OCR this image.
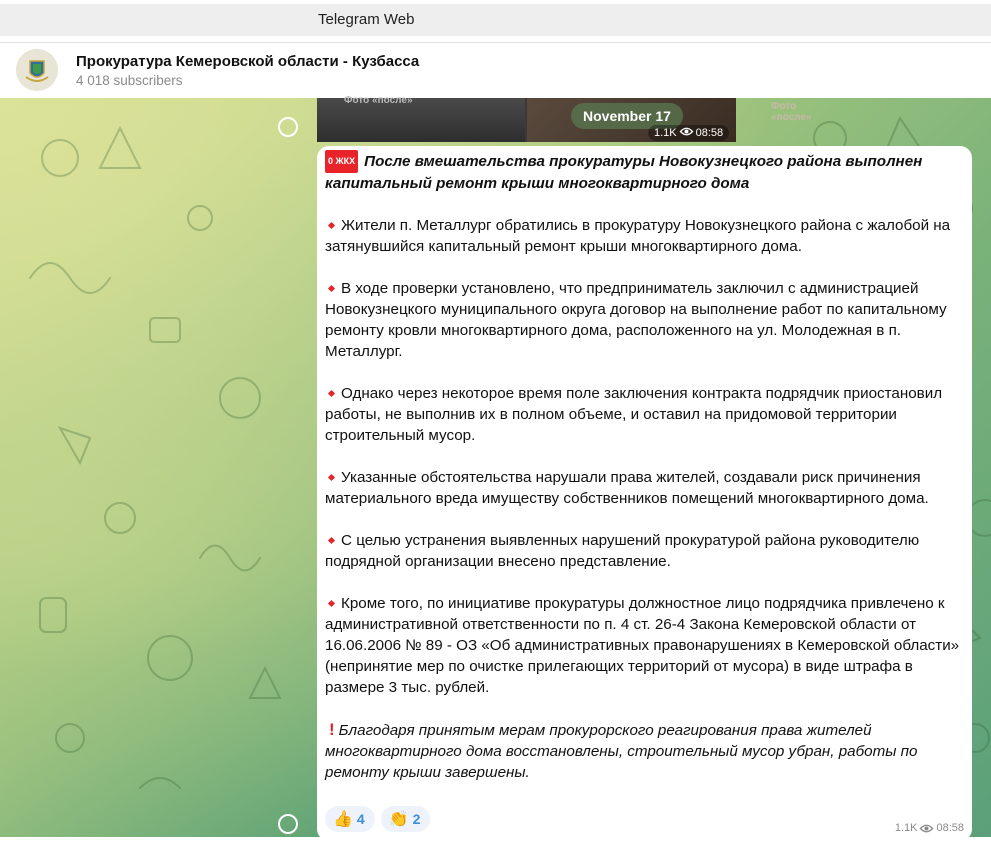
Telegram Web
Прокуратура Кемеровской области - Кузбасса
4 018 subscribers
Фото «после»
Фото «после»
November 17
1.1K 08:58

0 ЖКХ После вмешательства прокуратуры Новокузнецкого района выполнен капитальный ремонт крыши многоквартирного дома

Жители п. Металлург обратились в прокуратуру Новокузнецкого района с жалобой на затянувшийся капитальный ремонт крыши многоквартирного дома.

В ходе проверки установлено, что предприниматель заключил с администрацией Новокузнецкого муниципального округа договор на выполнение работ по капитальному ремонту кровли многоквартирного дома, расположенного на ул. Молодежная в п. Металлург.

Однако через некоторое время поле заключения контракта подрядчик приостановил работы, не выполнив их в полном объеме, и оставил на придомовой территории строительный мусор.

Указанные обстоятельства нарушали права жителей, создавали риск причинения материального вреда имуществу собственников помещений многоквартирного дома.

С целью устранения выявленных нарушений прокуратурой района руководителю подрядной организации внесено представление.

Кроме того, по инициативе прокуратуры должностное лицо подрядчика привлечено к административной ответственности по п. 4 ст. 26-4 Закона Кемеровской области от 16.06.2006 № 89 - ОЗ «Об административных правонарушениях в Кемеровской области» (непринятие мер по очистке прилегающих территорий от мусора) в виде штрафа в размере 3 тыс. рублей.

! Благодаря принятым мерам прокурорского реагирования права жителей многоквартирного дома восстановлены, строительный мусор убран, работы по ремонту крыши завершены.

👍 4 👏 2
1.1K 08:58
